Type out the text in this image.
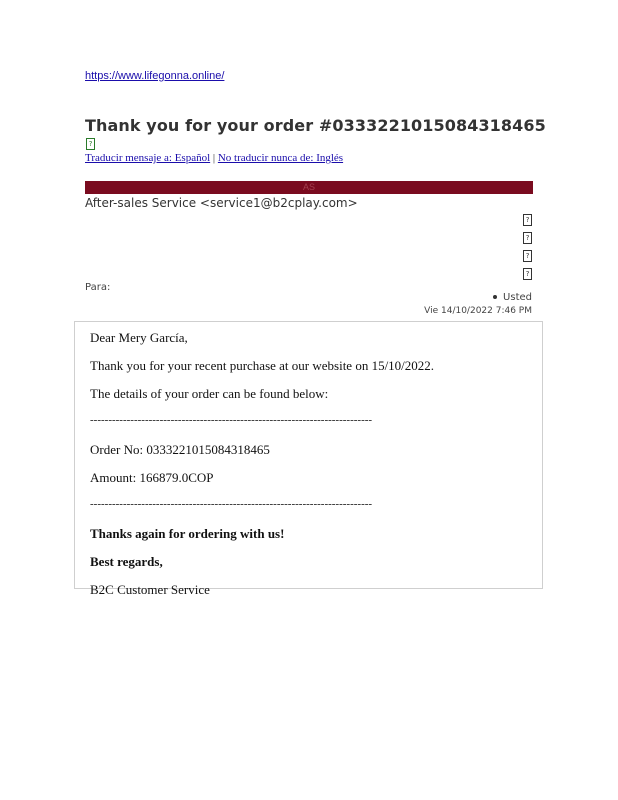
https://www.lifegonna.online/
Thank you for your order #0333221015084318465
?
Traducir mensaje a: Español | No traducir nunca de: Inglés
AS
After-sales Service <service1@b2cplay.com>
?
?
?
?
Para:
Usted
Vie 14/10/2022 7:46 PM

Dear Mery García,

Thank you for your recent purchase at our website on 15/10/2022.

The details of your order can be found below:

-----------------------------------------------------------------------------

Order No: 0333221015084318465

Amount: 166879.0COP

-----------------------------------------------------------------------------

Thanks again for ordering with us!

Best regards,

B2C Customer Service
